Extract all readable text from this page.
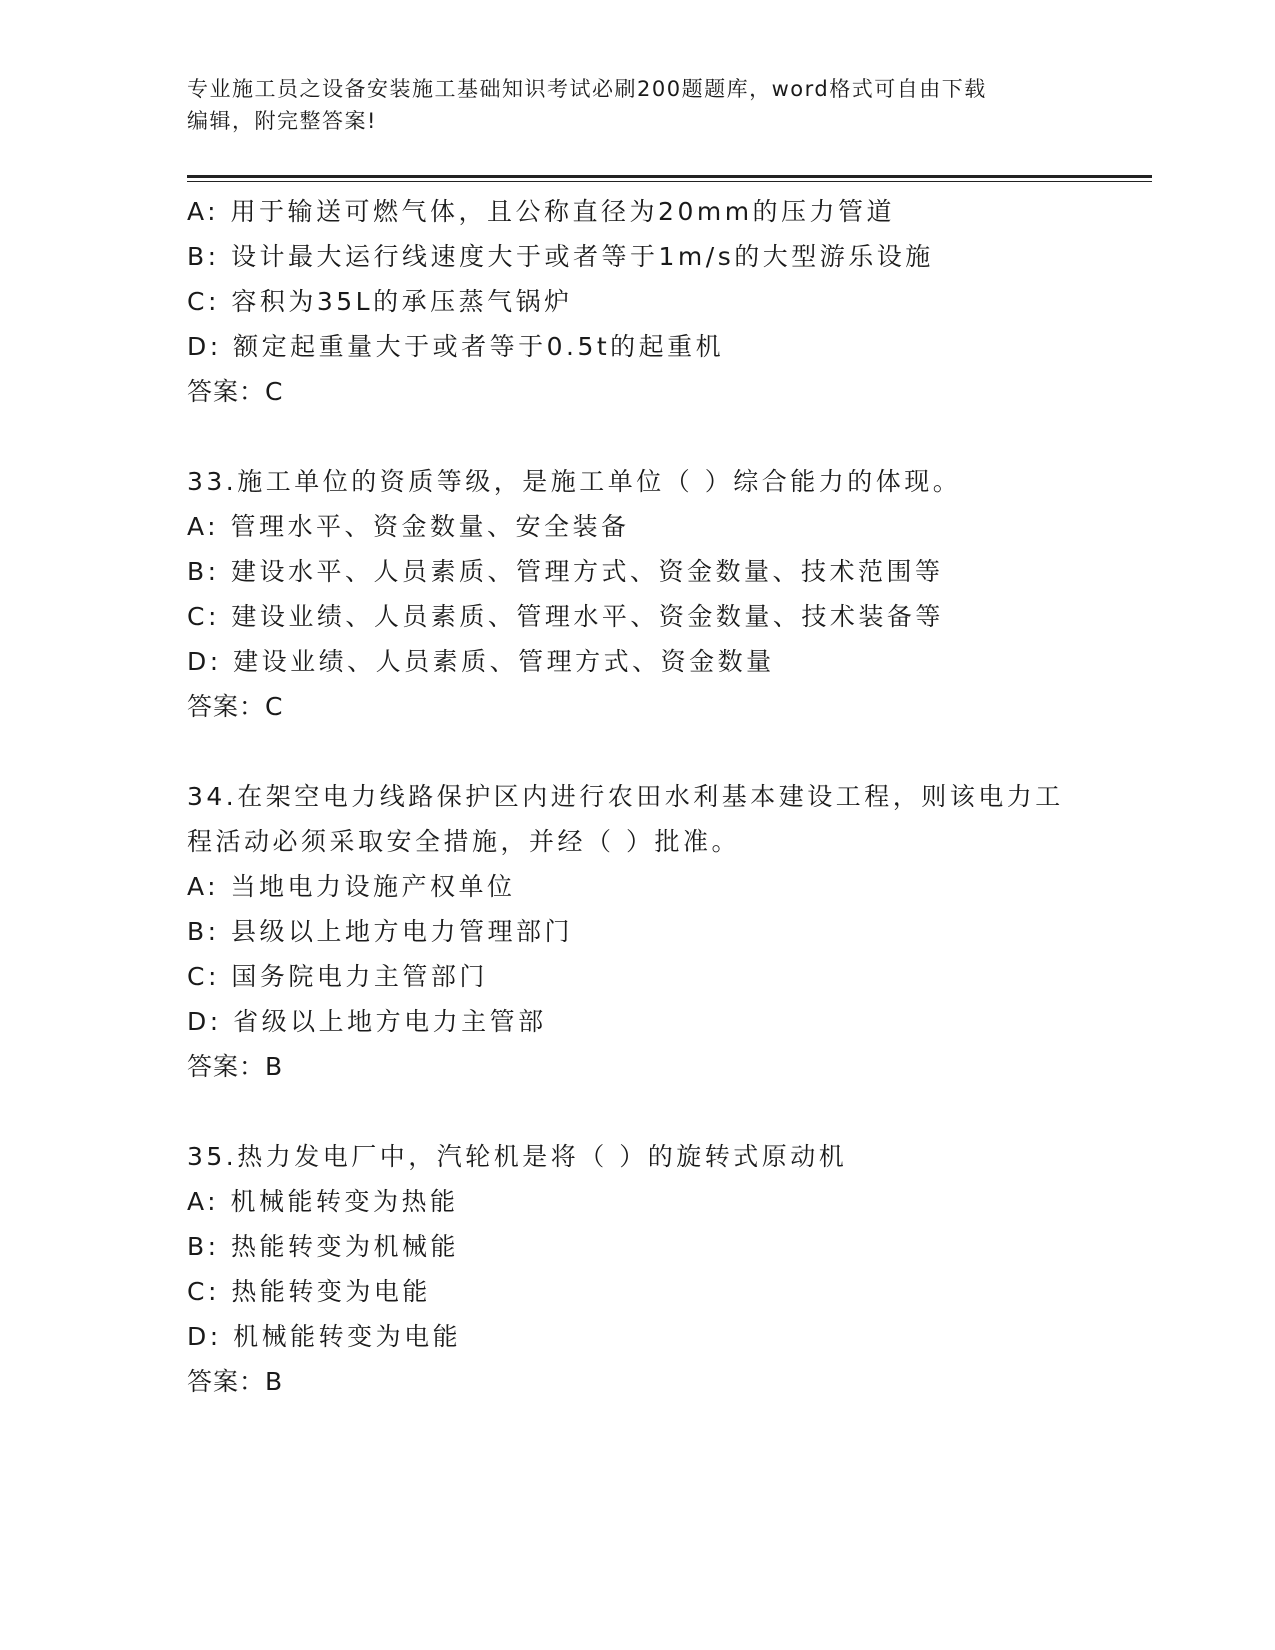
专业施工员之设备安装施工基础知识考试必刷200题题库，word格式可自由下载
编辑，附完整答案!
A: 用于输送可燃气体，且公称直径为20mm的压力管道
B: 设计最大运行线速度大于或者等于1m/s的大型游乐设施
C: 容积为35L的承压蒸气锅炉
D: 额定起重量大于或者等于0.5t的起重机
答案：C
33.施工单位的资质等级，是施工单位（ ）综合能力的体现。
A: 管理水平、资金数量、安全装备
B: 建设水平、人员素质、管理方式、资金数量、技术范围等
C: 建设业绩、人员素质、管理水平、资金数量、技术装备等
D: 建设业绩、人员素质、管理方式、资金数量
答案：C
34.在架空电力线路保护区内进行农田水利基本建设工程，则该电力工
程活动必须采取安全措施，并经（ ）批准。
A: 当地电力设施产权单位
B: 县级以上地方电力管理部门
C: 国务院电力主管部门
D: 省级以上地方电力主管部
答案：B
35.热力发电厂中，汽轮机是将（ ）的旋转式原动机
A: 机械能转变为热能
B: 热能转变为机械能
C: 热能转变为电能
D: 机械能转变为电能
答案：B
